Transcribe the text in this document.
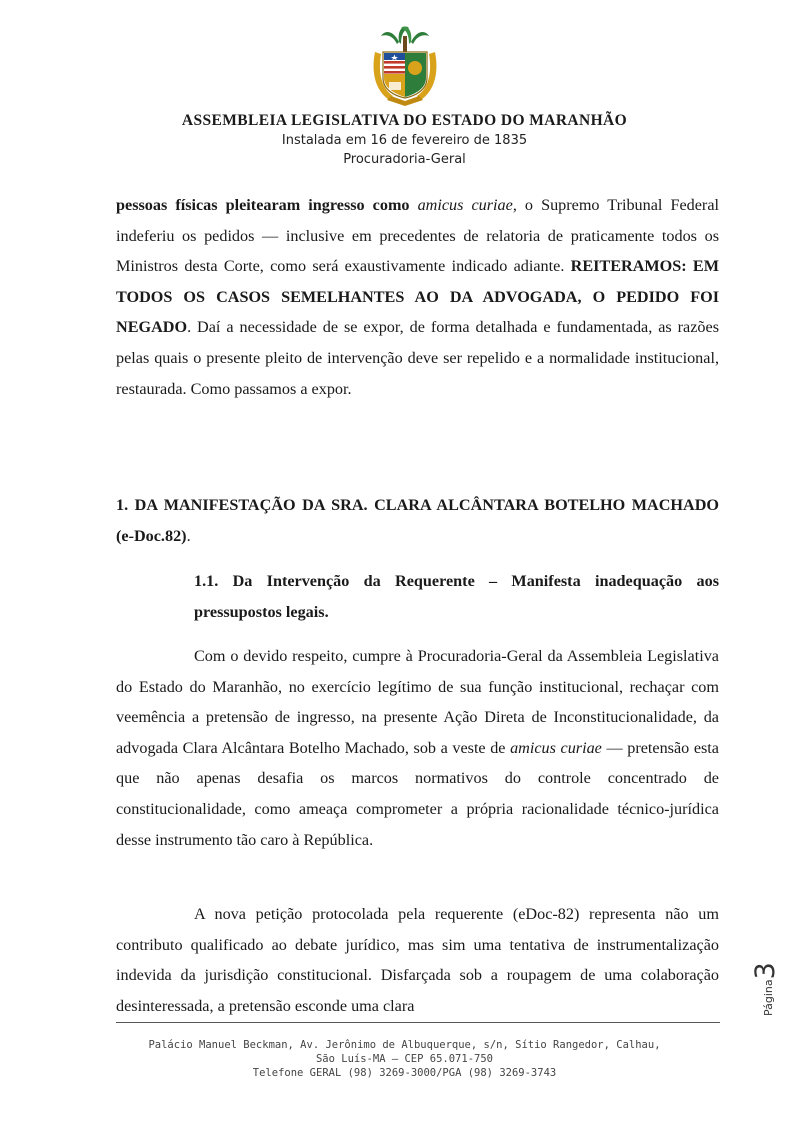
ASSEMBLEIA LEGISLATIVA DO ESTADO DO MARANHÃO
Instalada em 16 de fevereiro de 1835
Procuradoria-Geral
pessoas físicas pleitearam ingresso como amicus curiae, o Supremo Tribunal Federal indeferiu os pedidos — inclusive em precedentes de relatoria de praticamente todos os Ministros desta Corte, como será exaustivamente indicado adiante. REITERAMOS: EM TODOS OS CASOS SEMELHANTES AO DA ADVOGADA, O PEDIDO FOI NEGADO. Daí a necessidade de se expor, de forma detalhada e fundamentada, as razões pelas quais o presente pleito de intervenção deve ser repelido e a normalidade institucional, restaurada. Como passamos a expor.
1. DA MANIFESTAÇÃO DA SRA. CLARA ALCÂNTARA BOTELHO MACHADO (e-Doc.82).
1.1. Da Intervenção da Requerente – Manifesta inadequação aos pressupostos legais.
Com o devido respeito, cumpre à Procuradoria-Geral da Assembleia Legislativa do Estado do Maranhão, no exercício legítimo de sua função institucional, rechaçar com veemência a pretensão de ingresso, na presente Ação Direta de Inconstitucionalidade, da advogada Clara Alcântara Botelho Machado, sob a veste de amicus curiae — pretensão esta que não apenas desafia os marcos normativos do controle concentrado de constitucionalidade, como ameaça comprometer a própria racionalidade técnico-jurídica desse instrumento tão caro à República.
A nova petição protocolada pela requerente (eDoc-82) representa não um contributo qualificado ao debate jurídico, mas sim uma tentativa de instrumentalização indevida da jurisdição constitucional. Disfarçada sob a roupagem de uma colaboração desinteressada, a pretensão esconde uma clara	Página3
Palácio Manuel Beckman, Av. Jerônimo de Albuquerque, s/n, Sítio Rangedor, Calhau,
São Luís-MA – CEP 65.071-750
Telefone GERAL (98) 3269-3000/PGA (98) 3269-3743
